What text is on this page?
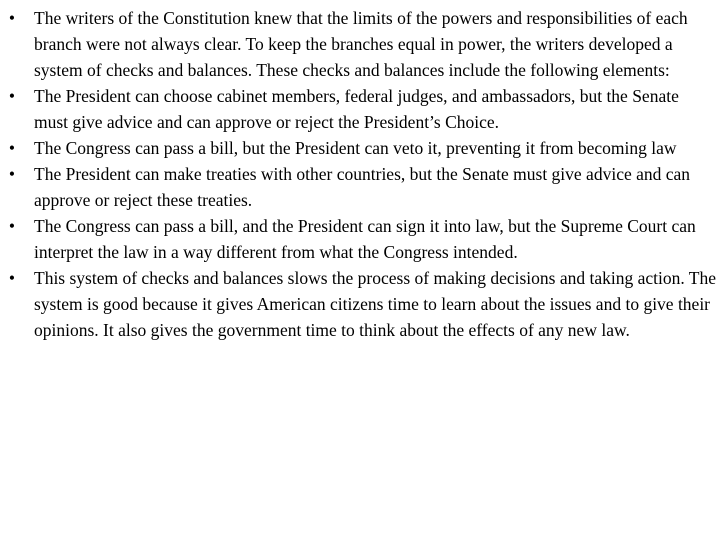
• The writers of the Constitution knew that the limits of the powers and responsibilities of each branch were not always clear. To keep the branches equal in power, the writers developed a system of checks and balances. These checks and balances include the following elements:
• The President can choose cabinet members, federal judges, and ambassadors, but the Senate must give advice and can approve or reject the President’s Choice.
• The Congress can pass a bill, but the President can veto it, preventing it from becoming law
• The President can make treaties with other countries, but the Senate must give advice and can approve or reject these treaties.
• The Congress can pass a bill, and the President can sign it into law, but the Supreme Court can interpret the law in a way different from what the Congress intended.
• This system of checks and balances slows the process of making decisions and taking action. The system is good because it gives American citizens time to learn about the issues and to give their opinions. It also gives the government time to think about the effects of any new law.
